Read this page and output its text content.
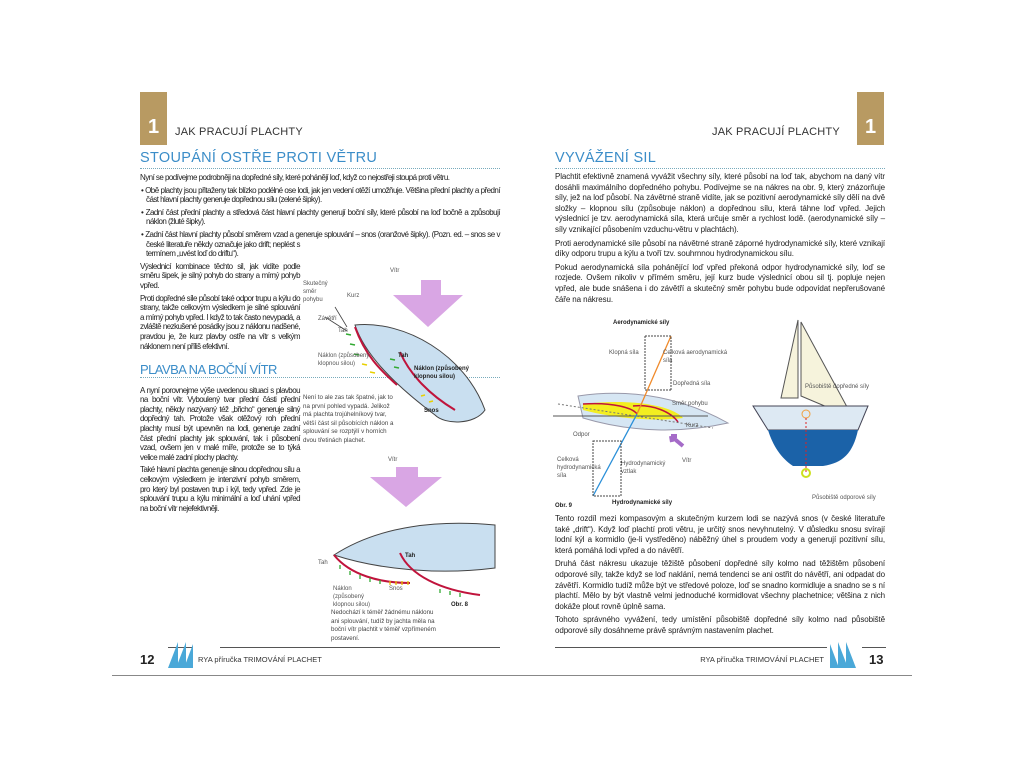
1 JAK PRACUJÍ PLACHTY
STOUPÁNÍ OSTŘE PROTI VĚTRU

Nyní se podívejme podrobněji na dopředné síly, které pohánějí loď, když co nejostřeji stoupá proti větru.

• Obě plachty jsou přitaženy tak blízko podélné ose lodi, jak jen vedení otěží umožňuje. Většina přední plachty a přední část hlavní plachty generuje dopřednou sílu (zelené šipky).
• Zadní část přední plachty a středová část hlavní plachty generují boční síly, které působí na loď bočně a způsobují náklon (žluté šipky).
• Zadní část hlavní plachty působí směrem vzad a generuje splouvání – snos (oranžové šipky). (Pozn. ed. – snos se v české literatuře někdy označuje jako drift; neplést s termínem „uvést loď do driftu“).

Výslednicí kombinace těchto sil, jak vidíte podle směru šipek, je silný pohyb do strany a mírný pohyb vpřed.

Proti dopředné síle působí také odpor trupu a kýlu do strany, takže celkovým výsledkem je silné splouvání a mírný pohyb vpřed. I když to tak často nevypadá, a zvláště nezkušené posádky jsou z náklonu nadšené, pravdou je, že kurz plavby ostře na vítr s velkým náklonem není příliš efektivní.

PLAVBA NA BOČNÍ VÍTR

A nyní porovnejme výše uvedenou situaci s plavbou na boční vítr. Vyboulený tvar přední části přední plachty, někdy nazývaný též „břicho“ generuje silný dopředný tah. Protože však otěžový roh přední plachty musí být upevněn na lodi, generuje zadní část přední plachty jak splouvání, tak i působení vzad, ovšem jen v malé míře, protože se to týká velice malé zadní plochy plachty.

Také hlavní plachta generuje silnou dopřednou sílu a celkovým výsledkem je intenzivní pohyb směrem, pro který byl postaven trup i kýl, tedy vpřed. Zde je splouvání trupu a kýlu minimální a loď uhání vpřed na boční vítr nejefektivněji.

Vítr
Skutečný směr pohybu
Kurz
Závětří
Tah
Náklon (způsobený klopnou silou)
Tah
Náklon (způsobený klopnou silou)
Snos
Není to ale zas tak špatné, jak to na první pohled vypadá. Jelikož má plachta trojúhelníkový tvar, větší část sil působících náklon a splouvání se rozptýlí v horních dvou třetinách plachet.
Vítr
Tah
Tah
Náklon (způsobený klopnou silou)
Snos
Obr. 8
Nedochází k téměř žádnému náklonu ani splouvání, tudíž by jachta měla na boční vítr plachtit v téměř vzpřímeném postavení.
12	RYA příručka TRIMOVÁNÍ PLACHET
1
JAK PRACUJÍ PLACHTY
VYVÁŽENÍ SIL

Plachtit efektivně znamená vyvážit všechny síly, které působí na loď tak, abychom na daný vítr dosáhli maximálního dopředného pohybu. Podívejme se na nákres na obr. 9, který znázorňuje síly, jež na loď působí. Na závětrné straně vidíte, jak se pozitivní aerodynamické síly dělí na dvě složky – klopnou sílu (způsobuje náklon) a dopřednou sílu, která táhne loď vpřed. Jejich výslednicí je tzv. aerodynamická síla, která určuje směr a rychlost lodě. (aerodynamické síly – síly vznikající působením vzduchu-větru v plachtách).

Proti aerodynamické síle působí na návětrné straně záporné hydrodynamické síly, které vznikají díky odporu trupu a kýlu a tvoří tzv. souhrnnou hydrodynamickou sílu.

Pokud aerodynamická síla pohánějící loď vpřed překoná odpor hydrodynamické síly, loď se rozjede. Ovšem nikoliv v přímém směru, její kurz bude výslednicí obou sil tj. popluje nejen vpřed, ale bude snášena i do závětří a skutečný směr pohybu bude odpovídat nepřerušované čáře na nákresu.

Aerodynamické síly
Klopná síla	Celková aerodynamická síla
Dopředná síla
Směr pohybu
Kurz
Odpor
Celková hydrodynamická síla
Hydrodynamický vztlak
Vítr
Hydrodynamické síly
Obr. 9
Působiště dopředné síly
Působiště odporové síly

Tento rozdíl mezi kompasovým a skutečným kurzem lodi se nazývá snos (v české literatuře také „drift“). Když loď plachtí proti větru, je určitý snos nevyhnutelný. V důsledku snosu svírají lodní kýl a kormidlo (je-li vystředěno) náběžný úhel s proudem vody a generují pozitivní sílu, která pomáhá lodi vpřed a do návětří.

Druhá část nákresu ukazuje těžiště působení dopředné síly kolmo nad těžištěm působení odporové síly, takže když se loď naklání, nemá tendenci se ani ostřit do návětří, ani odpadat do závětří. Kormidlo tudíž může být ve středové poloze, loď se snadno kormidluje a snadno se s ní plachtí. Mělo by být vlastně velmi jednoduché kormidlovat všechny plachetnice; většina z nich dokáže plout rovně úplně sama.

Tohoto správného vyvážení, tedy umístění působiště dopředné síly kolmo nad působiště odporové síly dosáhneme právě správným nastavením plachet.

RYA příručka TRIMOVÁNÍ PLACHET	13
